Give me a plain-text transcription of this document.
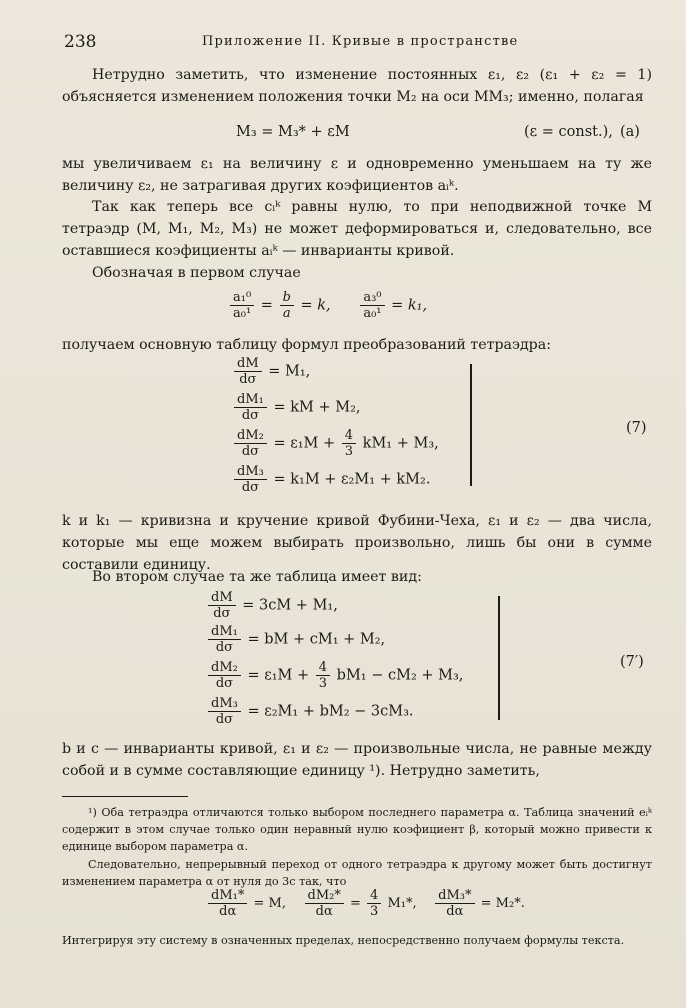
238	Приложение II. Кривые в пространстве
Нетрудно заметить, что изменение постоянных ε₁, ε₂ (ε₁ + ε₂ = 1) объясняется изменением положения точки M₂ на оси MM₃; именно, полагая
M₃ = M₃* + εM	(ε = const.), (a)
мы увеличиваем ε₁ на величину ε и одновременно уменьшаем на ту же величину ε₂, не затрагивая других коэфициентов aᵢᵏ.
Так как теперь все cᵢᵏ равны нулю, то при неподвижной точке M тетраэдр (M, M₁, M₂, M₃) не может деформироваться и, следовательно, все оставшиеся коэфициенты aᵢᵏ — инварианты кривой.
Обозначая в первом случае
$\frac{\text{a₁⁰}}{\text{a₀¹}} = \frac{b}{a} = k$, $\frac{\text{a₃⁰}}{\text{a₀¹}} = k_1$,
получаем основную таблицу формул преобразований тетраэдра:
$\frac{dM}{d\sigma} = M_1$,
$\frac{\text{dM₁}}{d\sigma}$ = kM + M₂,
$\frac{\text{dM₂}}{d\sigma} = \varepsilon_1M + \frac{4}{3} kM_1 + M_3$,
$\frac{\text{dM₃}}{d\sigma} = k_1M + \varepsilon_2M_1 + kM_2$.
(7)
k и k₁ — кривизна и кручение кривой Фубини-Чеха, ε₁ и ε₂ — два числа, которые мы еще можем выбирать произвольно, лишь бы они в сумме составили единицу.
Во втором случае та же таблица имеет вид:
$\frac{dM}{d\sigma} = 3cM + M_1$,
$\frac{\text{dM₁}}{d\sigma}$ = bM + cM₁ + M₂,
$\frac{\text{dM₂}}{d\sigma} = \varepsilon_1M + \frac{4}{3} bM_1 - cM_2 + M_3$,
$\frac{\text{dM₃}}{d\sigma} = \varepsilon_2M_1 + bM_2 - 3cM_3$.
(7′)
b и c — инварианты кривой, ε₁ и ε₂ — произвольные числа, не равные между собой и в сумме составляющие единицу ¹). Нетрудно заметить,
¹) Оба тетраэдра отличаются только выбором последнего параметра α. Таблица значений eᵢᵏ содержит в этом случае только один неравный нулю коэфициент β, который можно привести к единице выбором параметра α.
Следовательно, непрерывный переход от одного тетраэдра к другому может быть достигнут изменением параметра α от нуля до 3c так, что
$\frac{\text{dM₁*}}{d\alpha} = M$, $\frac{\text{dM₂*}}{d\alpha} = \frac{4}{3} M_1*$, $\frac{\text{dM₃*}}{d\alpha} = M_2*$.
Интегрируя эту систему в означенных пределах, непосредственно получаем формулы текста.
